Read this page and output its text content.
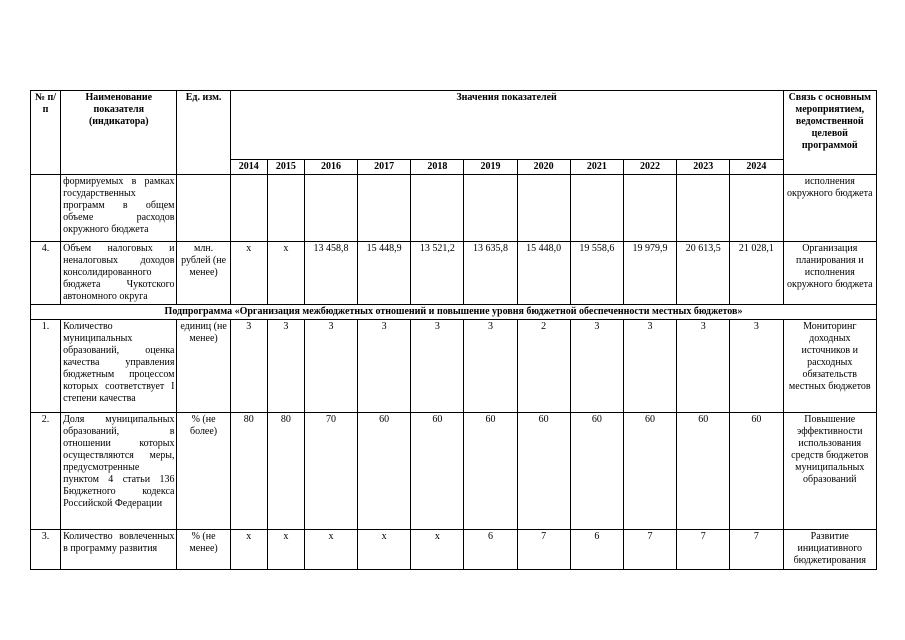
№ п/п	Наименование показателя (индикатора)	Ед. изм.	Значения показателей											Связь с основным мероприятием, ведомственной целевой программой
			2014	2015	2016	2017	2018	2019	2020	2021	2022	2023	2024	
	формируемых в рамках государственных программ в общем объеме расходов окружного бюджета													исполнения окружного бюджета
4.	Объем налоговых и неналоговых доходов консолидированного бюджета Чукотского автономного округа	млн. рублей (не менее)	х	х	13 458,8	15 448,9	13 521,2	13 635,8	15 448,0	19 558,6	19 979,9	20 613,5	21 028,1	Организация планирования и исполнения окружного бюджета
Подпрограмма «Организация межбюджетных отношений и повышение уровня бюджетной обеспеченности местных бюджетов»														
1.	Количество муниципальных образований, оценка качества управления бюджетным процессом которых соответствует I степени качества	единиц (не менее)	3	3	3	3	3	3	2	3	3	3	3	Мониторинг доходных источников и расходных обязательств местных бюджетов
2.	Доля муниципальных образований, в отношении которых осуществляются меры, предусмотренные пунктом 4 статьи 136 Бюджетного кодекса Российской Федерации	% (не более)	80	80	70	60	60	60	60	60	60	60	60	Повышение эффективности использования средств бюджетов муниципальных образований
3.	Количество вовлеченных в программу развития	% (не менее)	х	х	х	х	х	6	7	6	7	7	7	Развитие инициативного бюджетирования
